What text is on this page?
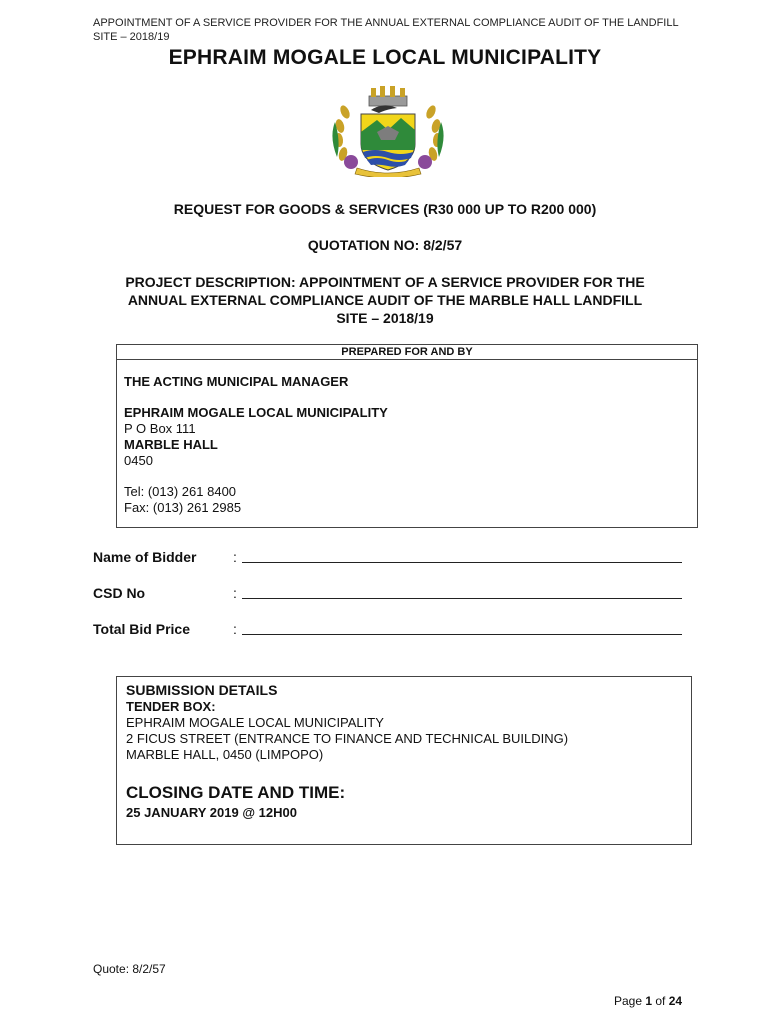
APPOINTMENT OF A SERVICE PROVIDER FOR THE ANNUAL EXTERNAL COMPLIANCE AUDIT OF THE LANDFILL SITE – 2018/19
EPHRAIM MOGALE LOCAL MUNICIPALITY
REQUEST FOR GOODS & SERVICES (R30 000 UP TO R200 000)
QUOTATION NO: 8/2/57
PROJECT DESCRIPTION: APPOINTMENT OF A SERVICE PROVIDER FOR THE
ANNUAL EXTERNAL COMPLIANCE AUDIT OF THE MARBLE HALL LANDFILL
SITE – 2018/19
PREPARED FOR AND BY
THE ACTING MUNICIPAL MANAGER
EPHRAIM MOGALE LOCAL MUNICIPALITY
P O Box 111
MARBLE HALL
0450
Tel: (013) 261 8400
Fax: (013) 261 2985
Name of Bidder	:
CSD No	:
Total Bid Price	:
SUBMISSION DETAILS
TENDER BOX:
EPHRAIM MOGALE LOCAL MUNICIPALITY
2 FICUS STREET (ENTRANCE TO FINANCE AND TECHNICAL BUILDING)
MARBLE HALL, 0450 (LIMPOPO)
CLOSING DATE AND TIME:
25 JANUARY 2019 @ 12H00
Quote: 8/2/57
Page 1 of 24
